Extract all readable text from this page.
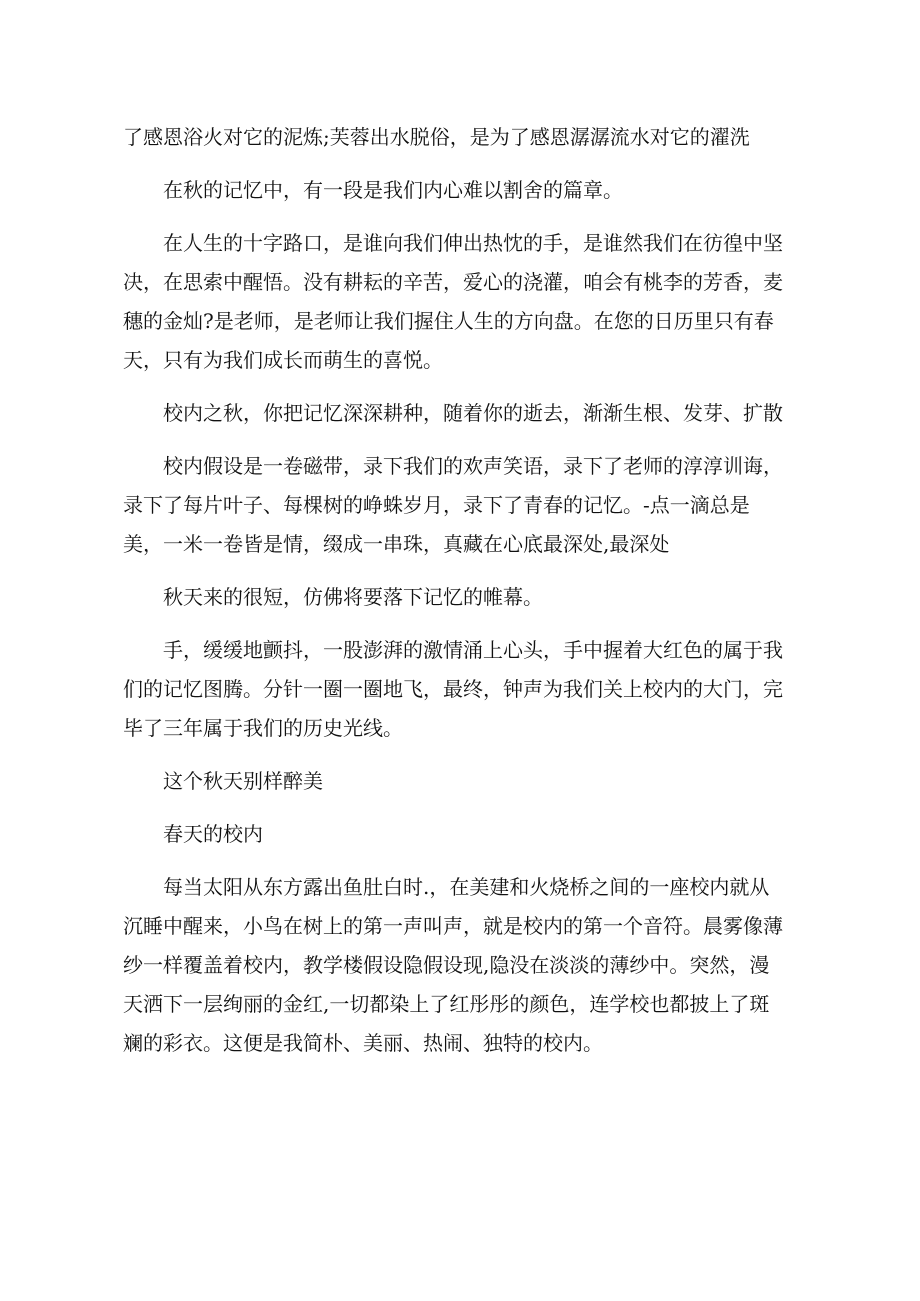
了感恩浴火对它的泥炼;芙蓉出水脱俗，是为了感恩潺潺流水对它的濯洗

在秋的记忆中，有一段是我们内心难以割舍的篇章。

在人生的十字路口，是谁向我们伸出热忱的手，是谁然我们在彷徨中坚决，在思索中醒悟。没有耕耘的辛苦，爱心的浇灌，咱会有桃李的芳香，麦穗的金灿?是老师，是老师让我们握住人生的方向盘。在您的日历里只有春天，只有为我们成长而萌生的喜悦。

校内之秋，你把记忆深深耕种，随着你的逝去，渐渐生根、发芽、扩散

校内假设是一卷磁带，录下我们的欢声笑语，录下了老师的淳淳训诲，录下了每片叶子、每棵树的峥蛛岁月，录下了青春的记忆。-点一滴总是美，一米一卷皆是情，缀成一串珠，真藏在心底最深处,最深处

秋天来的很短，仿佛将要落下记忆的帷幕。

手，缓缓地颤抖，一股澎湃的激情涌上心头，手中握着大红色的属于我们的记忆图腾。分针一圈一圈地飞，最终，钟声为我们关上校内的大门，完毕了三年属于我们的历史光线。

这个秋天别样醉美

春天的校内

每当太阳从东方露出鱼肚白时.，在美建和火烧桥之间的一座校内就从沉睡中醒来，小鸟在树上的第一声叫声，就是校内的第一个音符。晨雾像薄纱一样覆盖着校内，教学楼假设隐假设现,隐没在淡淡的薄纱中。突然，漫天洒下一层绚丽的金红,一切都染上了红彤彤的颜色，连学校也都披上了斑斓的彩衣。这便是我简朴、美丽、热闹、独特的校内。
